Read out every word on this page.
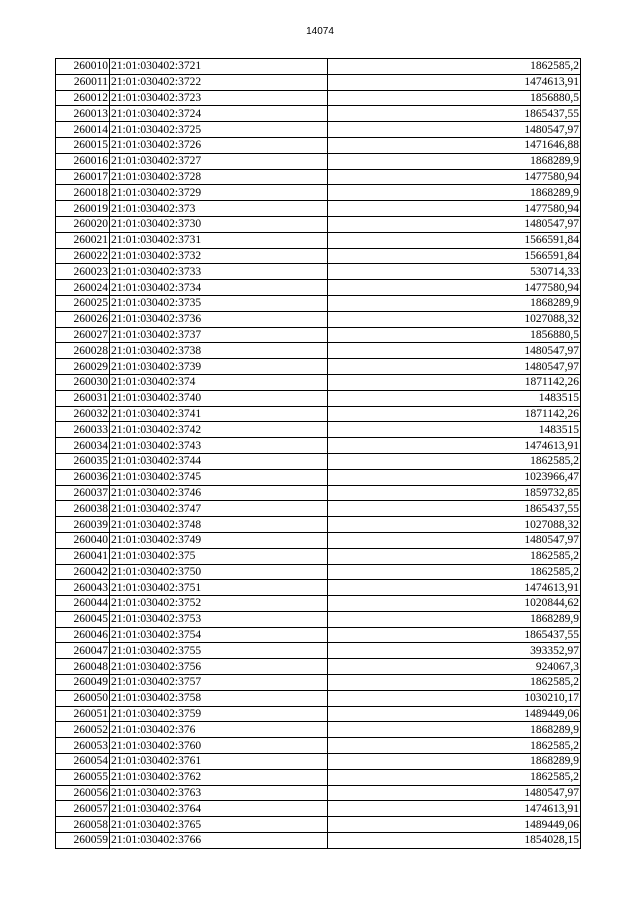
14074
260010	21:01:030402:3721	1862585,2
260011	21:01:030402:3722	1474613,91
260012	21:01:030402:3723	1856880,5
260013	21:01:030402:3724	1865437,55
260014	21:01:030402:3725	1480547,97
260015	21:01:030402:3726	1471646,88
260016	21:01:030402:3727	1868289,9
260017	21:01:030402:3728	1477580,94
260018	21:01:030402:3729	1868289,9
260019	21:01:030402:373	1477580,94
260020	21:01:030402:3730	1480547,97
260021	21:01:030402:3731	1566591,84
260022	21:01:030402:3732	1566591,84
260023	21:01:030402:3733	530714,33
260024	21:01:030402:3734	1477580,94
260025	21:01:030402:3735	1868289,9
260026	21:01:030402:3736	1027088,32
260027	21:01:030402:3737	1856880,5
260028	21:01:030402:3738	1480547,97
260029	21:01:030402:3739	1480547,97
260030	21:01:030402:374	1871142,26
260031	21:01:030402:3740	1483515
260032	21:01:030402:3741	1871142,26
260033	21:01:030402:3742	1483515
260034	21:01:030402:3743	1474613,91
260035	21:01:030402:3744	1862585,2
260036	21:01:030402:3745	1023966,47
260037	21:01:030402:3746	1859732,85
260038	21:01:030402:3747	1865437,55
260039	21:01:030402:3748	1027088,32
260040	21:01:030402:3749	1480547,97
260041	21:01:030402:375	1862585,2
260042	21:01:030402:3750	1862585,2
260043	21:01:030402:3751	1474613,91
260044	21:01:030402:3752	1020844,62
260045	21:01:030402:3753	1868289,9
260046	21:01:030402:3754	1865437,55
260047	21:01:030402:3755	393352,97
260048	21:01:030402:3756	924067,3
260049	21:01:030402:3757	1862585,2
260050	21:01:030402:3758	1030210,17
260051	21:01:030402:3759	1489449,06
260052	21:01:030402:376	1868289,9
260053	21:01:030402:3760	1862585,2
260054	21:01:030402:3761	1868289,9
260055	21:01:030402:3762	1862585,2
260056	21:01:030402:3763	1480547,97
260057	21:01:030402:3764	1474613,91
260058	21:01:030402:3765	1489449,06
260059	21:01:030402:3766	1854028,15
